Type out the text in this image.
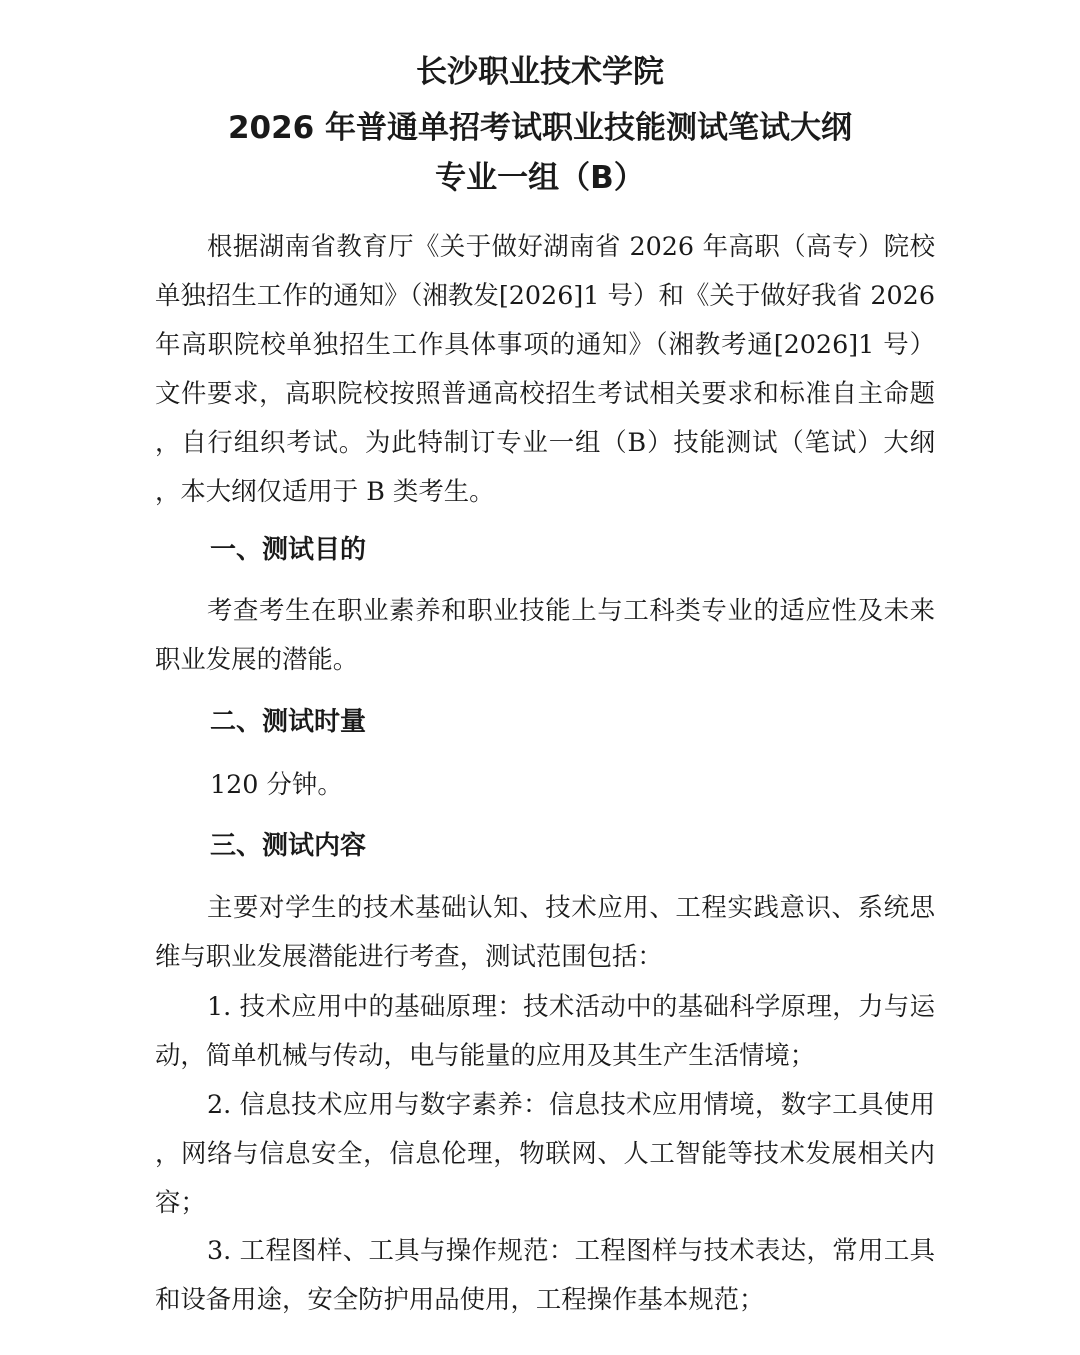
长沙职业技术学院
2026 年普通单招考试职业技能测试笔试大纲
专业一组（B）

根据湖南省教育厅《关于做好湖南省 2026 年高职（高专）院校单独招生工作的通知》（湘教发[2026]1 号）和《关于做好我省 2026 年高职院校单独招生工作具体事项的通知》（湘教考通[2026]1 号）文件要求，高职院校按照普通高校招生考试相关要求和标准自主命题，自行组织考试。为此特制订专业一组（B）技能测试（笔试）大纲，本大纲仅适用于 B 类考生。

一、测试目的

考查考生在职业素养和职业技能上与工科类专业的适应性及未来职业发展的潜能。

二、测试时量

120 分钟。

三、测试内容

主要对学生的技术基础认知、技术应用、工程实践意识、系统思维与职业发展潜能进行考查，测试范围包括：

1. 技术应用中的基础原理：技术活动中的基础科学原理，力与运动，简单机械与传动，电与能量的应用及其生产生活情境；

2. 信息技术应用与数字素养：信息技术应用情境，数字工具使用，网络与信息安全，信息伦理，物联网、人工智能等技术发展相关内容；

3. 工程图样、工具与操作规范：工程图样与技术表达，常用工具和设备用途，安全防护用品使用，工程操作基本规范；
